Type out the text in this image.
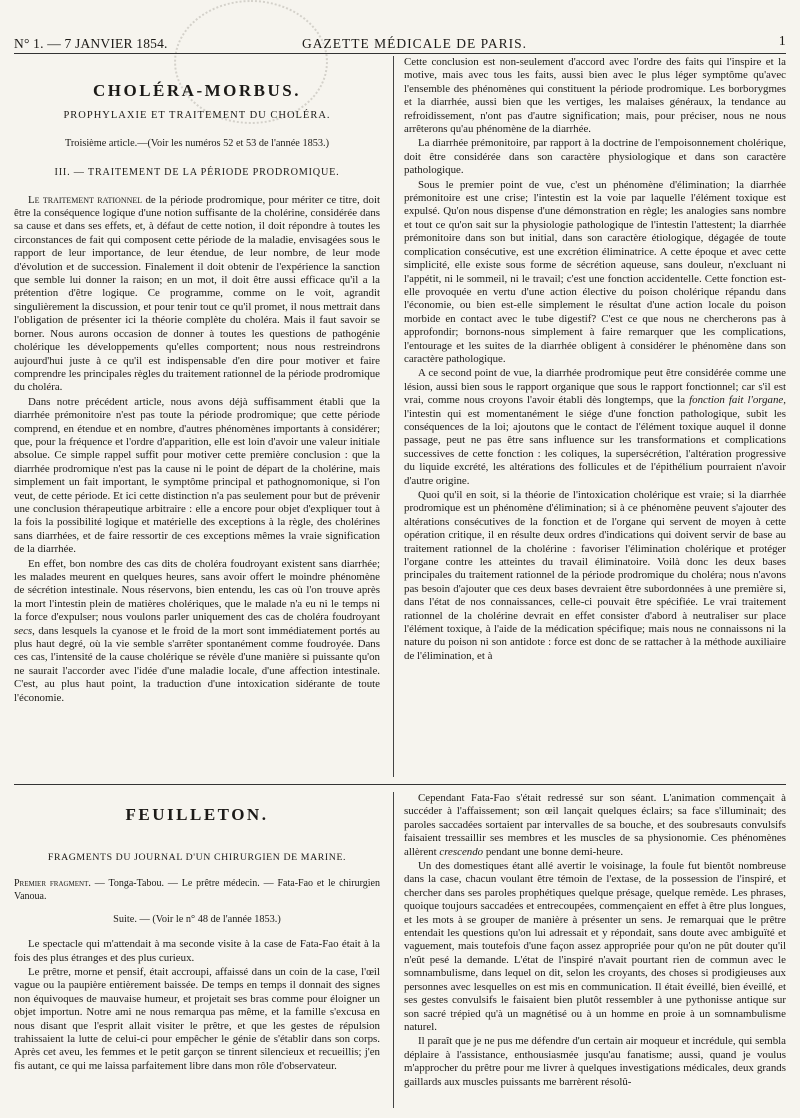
N° 1. — 7 JANVIER 1854.	GAZETTE MÉDICALE DE PARIS.	1
CHOLÉRA-MORBUS.
PROPHYLAXIE ET TRAITEMENT DU CHOLÉRA.
Troisième article.—(Voir les numéros 52 et 53 de l'année 1853.)
III. — TRAITEMENT DE LA PÉRIODE PRODROMIQUE.

Le traitement rationnel de la période prodromique, pour mériter ce titre, doit être la conséquence logique d'une notion suffisante de la cholérine, considérée dans sa cause et dans ses effets, et, à défaut de cette notion, il doit répondre à toutes les circonstances de fait qui composent cette période de la maladie, envisagées sous le rapport de leur importance, de leur étendue, de leur nombre, de leur mode d'évolution et de succession. Finalement il doit obtenir de l'expérience la sanction que semble lui donner la raison; en un mot, il doit être aussi efficace qu'il a la prétention d'être logique. Ce programme, comme on le voit, agrandit singulièrement la discussion, et pour tenir tout ce qu'il promet, il nous mettrait dans l'obligation de présenter ici la théorie complète du choléra. Mais il faut savoir se borner. Nous aurons occasion de donner à toutes les questions de pathogénie cholérique les développements qu'elles comportent; nous nous restreindrons aujourd'hui juste à ce qu'il est indispensable d'en dire pour motiver et faire comprendre les principales règles du traitement rationnel de la période prodromique du choléra.

Dans notre précédent article, nous avons déjà suffisamment établi que la diarrhée prémonitoire n'est pas toute la période prodromique; que cette période comprend, en étendue et en nombre, d'autres phénomènes importants à considérer; que, pour la fréquence et l'ordre d'apparition, elle est loin d'avoir une valeur initiale absolue. Ce simple rappel suffit pour motiver cette première conclusion : que la diarrhée prodromique n'est pas la cause ni le point de départ de la cholérine, mais simplement un fait important, le symptôme principal et pathognomonique, si l'on veut, de cette période. Et ici cette distinction n'a pas seulement pour but de prévenir une conclusion thérapeutique arbitraire : elle a encore pour objet d'expliquer tout à la fois la possibilité logique et matérielle des exceptions à la règle, des cholérines sans diarrhées, et de faire ressortir de ces exceptions mêmes la vraie signification de la diarrhée.

En effet, bon nombre des cas dits de choléra foudroyant existent sans diarrhée; les malades meurent en quelques heures, sans avoir offert le moindre phénomène de sécrétion intestinale. Nous réservons, bien entendu, les cas où l'on trouve après la mort l'intestin plein de matières cholériques, que le malade n'a eu ni le temps ni la force d'expulser; nous voulons parler uniquement des cas de choléra foudroyant secs, dans lesquels la cyanose et le froid de la mort sont immédiatement portés au plus haut degré, où la vie semble s'arrêter spontanément comme foudroyée. Dans ces cas, l'intensité de la cause cholérique se révèle d'une manière si puissante qu'on ne saurait l'accorder avec l'idée d'une maladie locale, d'une affection intestinale. C'est, au plus haut point, la traduction d'une intoxication sidérante de toute l'économie.

Cette conclusion est non-seulement d'accord avec l'ordre des faits qui l'inspire et la motive, mais avec tous les faits, aussi bien avec le plus léger symptôme qu'avec l'ensemble des phénomènes qui constituent la période prodromique. Les borborygmes et la diarrhée, aussi bien que les vertiges, les malaises généraux, la tendance au refroidissement, n'ont pas d'autre signification; mais, pour préciser, nous ne nous arrêterons qu'au phénomène de la diarrhée.

La diarrhée prémonitoire, par rapport à la doctrine de l'empoisonnement cholérique, doit être considérée dans son caractère physiologique et dans son caractère pathologique.

Sous le premier point de vue, c'est un phénomène d'élimination; la diarrhée prémonitoire est une crise; l'intestin est la voie par laquelle l'élément toxique est expulsé. Qu'on nous dispense d'une démonstration en règle; les analogies sans nombre et tout ce qu'on sait sur la physiologie pathologique de l'intestin l'attestent; la diarrhée prémonitoire dans son but initial, dans son caractère étiologique, dégagée de toute complication consécutive, est une excrétion éliminatrice. A cette époque et avec cette simplicité, elle existe sous forme de sécrétion aqueuse, sans douleur, n'excluant ni l'appétit, ni le sommeil, ni le travail; c'est une fonction accidentelle. Cette fonction est-elle provoquée en vertu d'une action élective du poison cholérique répandu dans l'économie, ou bien est-elle simplement le résultat d'une action locale du poison morbide en contact avec le tube digestif? C'est ce que nous ne chercherons pas à approfondir; bornons-nous simplement à faire remarquer que les complications, l'entourage et les suites de la diarrhée obligent à considérer le phénomène dans son caractère pathologique.

A ce second point de vue, la diarrhée prodromique peut être considérée comme une lésion, aussi bien sous le rapport organique que sous le rapport fonctionnel; car s'il est vrai, comme nous croyons l'avoir établi dès longtemps, que la fonction fait l'organe, l'intestin qui est momentanément le siége d'une fonction pathologique, subit les conséquences de la loi; ajoutons que le contact de l'élément toxique auquel il donne passage, peut ne pas être sans influence sur les transformations et complications successives de cette fonction : les coliques, la supersécrétion, l'altération progressive du liquide excrété, les altérations des follicules et de l'épithélium pourraient n'avoir d'autre origine.

Quoi qu'il en soit, si la théorie de l'intoxication cholérique est vraie; si la diarrhée prodromique est un phénomène d'élimination; si à ce phénomène peuvent s'ajouter des altérations consécutives de la fonction et de l'organe qui servent de moyen à cette opération critique, il en résulte deux ordres d'indications qui doivent servir de base au traitement rationnel de la cholérine : favoriser l'élimination cholérique et protéger l'organe contre les atteintes du travail éliminatoire. Voilà donc les deux bases principales du traitement rationnel de la période prodromique du choléra; nous n'avons pas besoin d'ajouter que ces deux bases devraient être subordonnées à une première si, dans l'état de nos connaissances, celle-ci pouvait être spécifiée. Le vrai traitement rationnel de la cholérine devrait en effet consister d'abord à neutraliser sur place l'élément toxique, à l'aide de la médication spécifique; mais nous ne connaissons ni la nature du poison ni son antidote : force est donc de se rattacher à la méthode auxiliaire de l'élimination, et à

FEUILLETON.
FRAGMENTS DU JOURNAL D'UN CHIRURGIEN DE MARINE.
Premier fragment. — Tonga-Tabou. — Le prêtre médecin. — Fata-Fao et le chirurgien Vanoua.
Suite. — (Voir le n° 48 de l'année 1853.)

Le spectacle qui m'attendait à ma seconde visite à la case de Fata-Fao était à la fois des plus étranges et des plus curieux.

Le prêtre, morne et pensif, était accroupi, affaissé dans un coin de la case, l'œil vague ou la paupière entièrement baissée. De temps en temps il donnait des signes non équivoques de mauvaise humeur, et projetait ses bras comme pour éloigner un objet importun. Notre ami ne nous remarqua pas même, et la famille s'excusa en nous disant que l'esprit allait visiter le prêtre, et que les gestes de répulsion trahissaient la lutte de celui-ci pour empêcher le génie de s'établir dans son corps. Après cet aveu, les femmes et le petit garçon se tinrent silencieux et recueillis; j'en fis autant, ce qui me laissa parfaitement libre dans mon rôle d'observateur.

Cependant Fata-Fao s'était redressé sur son séant. L'animation commençait à succéder à l'affaissement; son œil lançait quelques éclairs; sa face s'illuminait; des paroles saccadées sortaient par intervalles de sa bouche, et des soubresauts convulsifs faisaient tressaillir ses membres et les muscles de sa physionomie. Ces phénomènes allèrent crescendo pendant une bonne demi-heure.

Un des domestiques étant allé avertir le voisinage, la foule fut bientôt nombreuse dans la case, chacun voulant être témoin de l'extase, de la possession de l'inspiré, et chercher dans ses paroles prophétiques quelque présage, quelque remède. Les phrases, quoique toujours saccadées et entrecoupées, commençaient en effet à être plus longues, et les mots à se grouper de manière à présenter un sens. Je remarquai que le prêtre entendait les questions qu'on lui adressait et y répondait, sans doute avec ambiguïté et vaguement, mais toutefois d'une façon assez appropriée pour qu'on ne pût douter qu'il n'eût pesé la demande. L'état de l'inspiré n'avait pourtant rien de commun avec le somnambulisme, dans lequel on dit, selon les croyants, des choses si prodigieuses aux personnes avec lesquelles on est mis en communication. Il était éveillé, bien éveillé, et ses gestes convulsifs le faisaient bien plutôt ressembler à une pythonisse antique sur son sacré trépied qu'à un magnétisé ou à un homme en proie à un somnambulisme naturel.

Il paraît que je ne pus me défendre d'un certain air moqueur et incrédule, qui sembla déplaire à l'assistance, enthousiasmée jusqu'au fanatisme; aussi, quand je voulus m'approcher du prêtre pour me livrer à quelques investigations médicales, deux grands gaillards aux muscles puissants me barrèrent résolû-
